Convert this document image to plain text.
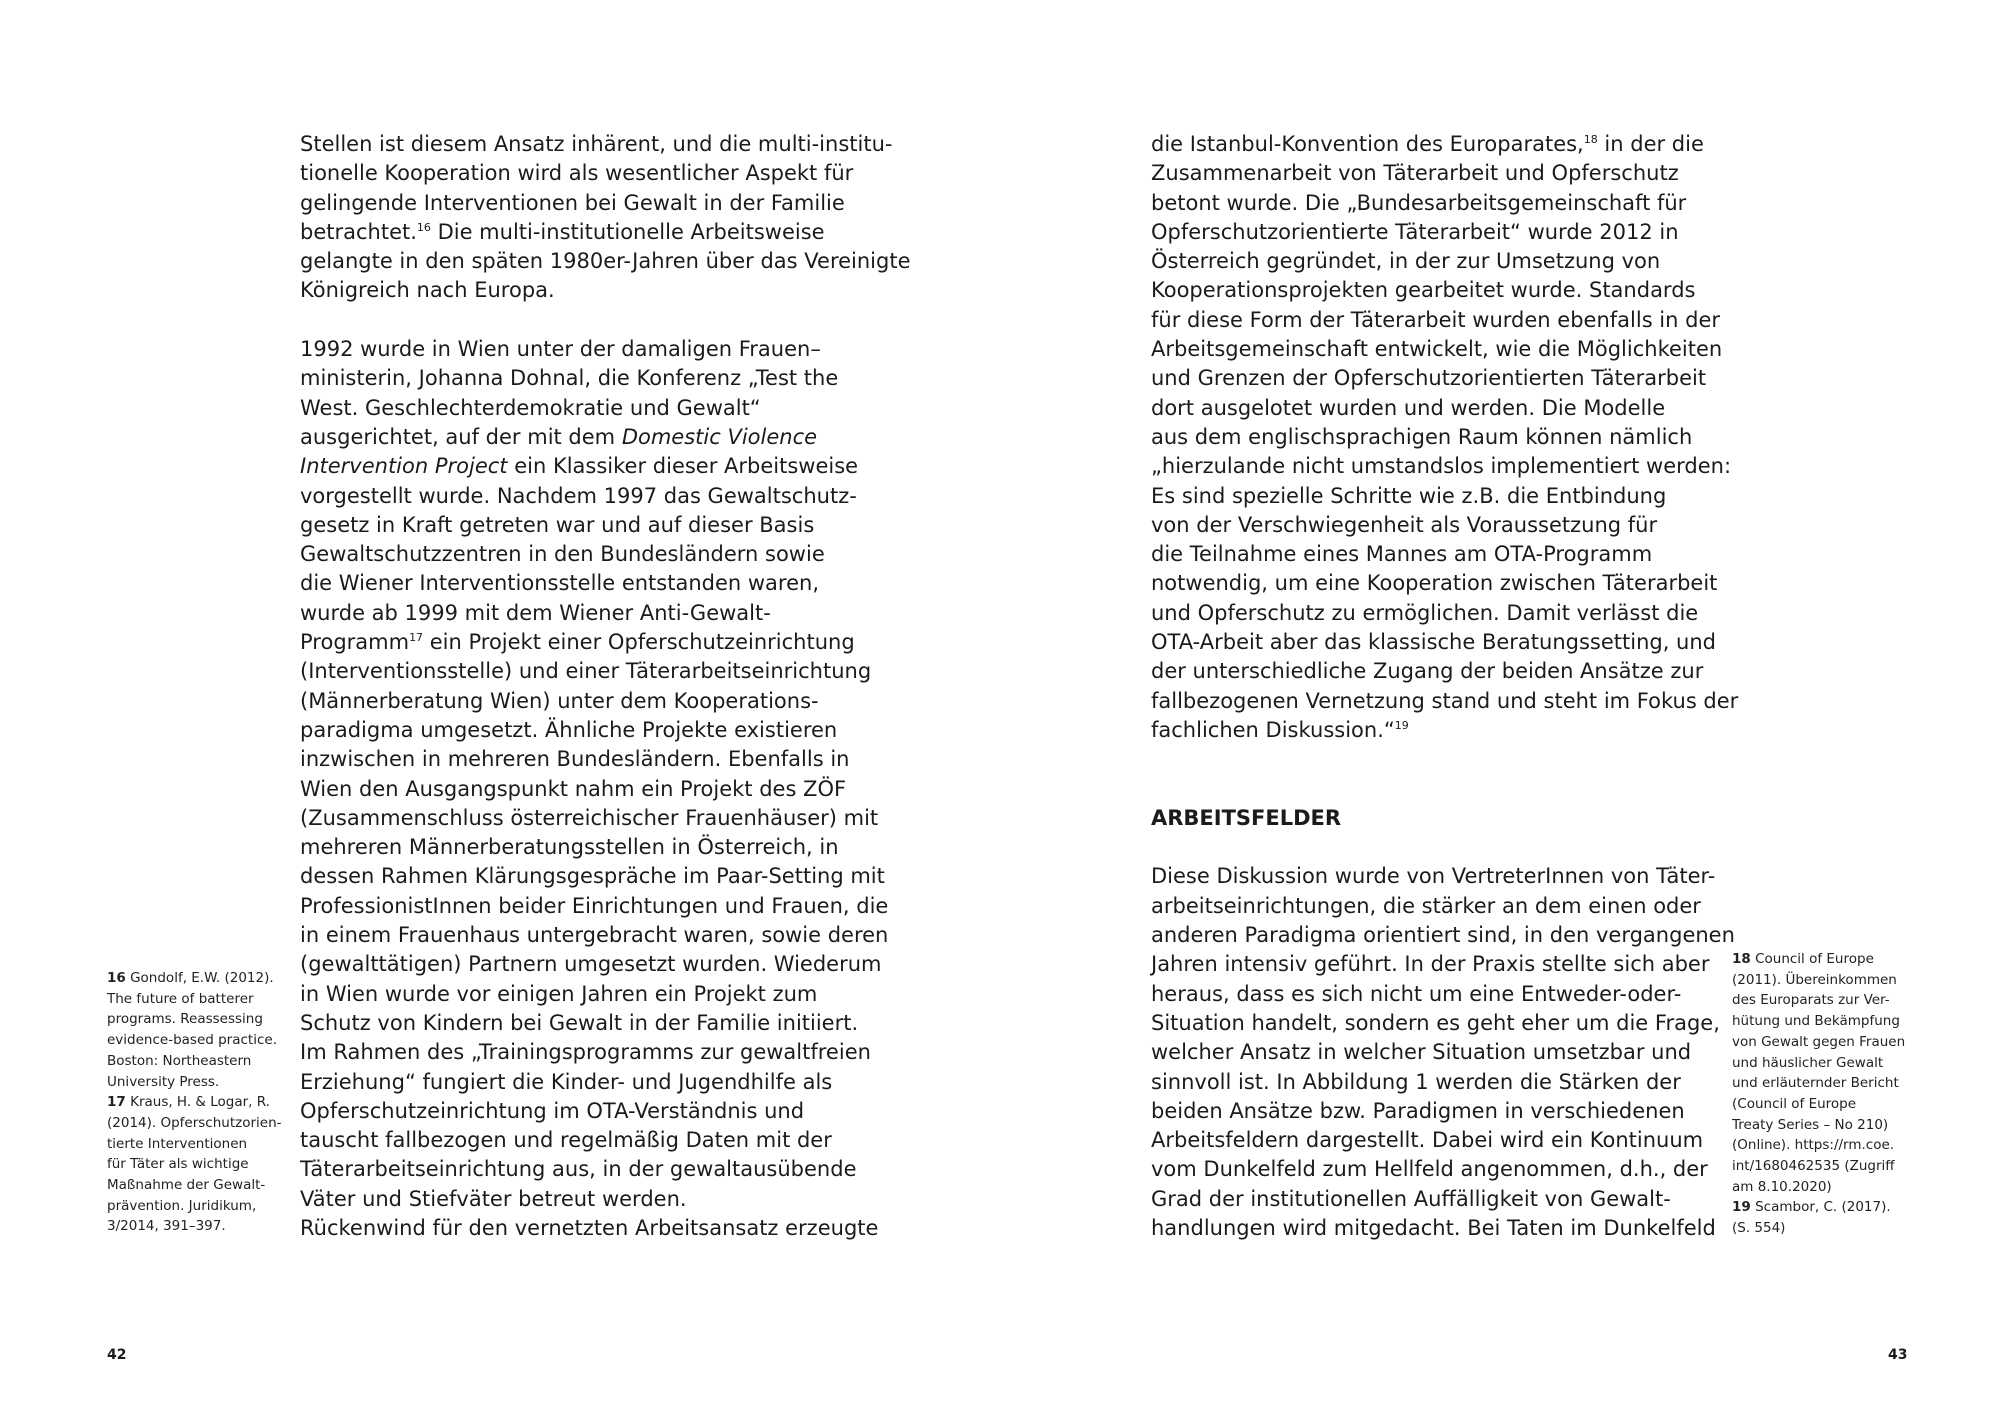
Stellen ist diesem Ansatz inhärent, und die multi-institu-
tionelle Kooperation wird als wesentlicher Aspekt für
gelingende Interventionen bei Gewalt in der Familie
betrachtet.$^{16}$ Die multi-institutionelle Arbeitsweise
gelangte in den späten 1980er-Jahren über das Vereinigte
Königreich nach Europa.
1992 wurde in Wien unter der damaligen Frauen–
ministerin, Johanna Dohnal, die Konferenz „Test the
West. Geschlechterdemokratie und Gewalt“
ausgerichtet, auf der mit dem Domestic Violence
Intervention Project ein Klassiker dieser Arbeitsweise
vorgestellt wurde. Nachdem 1997 das Gewaltschutz-
gesetz in Kraft getreten war und auf dieser Basis
Gewaltschutzzentren in den Bundesländern sowie
die Wiener Interventionsstelle entstanden waren,
wurde ab 1999 mit dem Wiener Anti-Gewalt-
Programm$^{17}$ ein Projekt einer Opferschutzeinrichtung
(Interventionsstelle) und einer Täterarbeitseinrichtung
(Männerberatung Wien) unter dem Kooperations-
paradigma umgesetzt. Ähnliche Projekte existieren
inzwischen in mehreren Bundesländern. Ebenfalls in
Wien den Ausgangspunkt nahm ein Projekt des ZÖF
(Zusammenschluss österreichischer Frauenhäuser) mit
mehreren Männerberatungsstellen in Österreich, in
dessen Rahmen Klärungsgespräche im Paar-Setting mit
ProfessionistInnen beider Einrichtungen und Frauen, die
in einem Frauenhaus untergebracht waren, sowie deren
(gewalttätigen) Partnern umgesetzt wurden. Wiederum
in Wien wurde vor einigen Jahren ein Projekt zum
Schutz von Kindern bei Gewalt in der Familie initiiert.
Im Rahmen des „Trainingsprogramms zur gewaltfreien
Erziehung“ fungiert die Kinder- und Jugendhilfe als
Opferschutzeinrichtung im OTA-Verständnis und
tauscht fallbezogen und regelmäßig Daten mit der
Täterarbeitseinrichtung aus, in der gewaltausübende
Väter und Stiefväter betreut werden.
Rückenwind für den vernetzten Arbeitsansatz erzeugte
16 Gondolf, E.W. (2012).
The future of batterer
programs. Reassessing
evidence-based practice.
Boston: Northeastern
University Press.
17 Kraus, H. & Logar, R.
(2014). Opferschutzorien-
tierte Interventionen
für Täter als wichtige
Maßnahme der Gewalt-
prävention. Juridikum,
3/2014, 391–397.
42
die Istanbul-Konvention des Europarates,$^{18}$ in der die
Zusammenarbeit von Täterarbeit und Opferschutz
betont wurde. Die „Bundesarbeitsgemeinschaft für
Opferschutzorientierte Täterarbeit“ wurde 2012 in
Österreich gegründet, in der zur Umsetzung von
Kooperationsprojekten gearbeitet wurde. Standards
für diese Form der Täterarbeit wurden ebenfalls in der
Arbeitsgemeinschaft entwickelt, wie die Möglichkeiten
und Grenzen der Opferschutzorientierten Täterarbeit
dort ausgelotet wurden und werden. Die Modelle
aus dem englischsprachigen Raum können nämlich
„hierzulande nicht umstandslos implementiert werden:
Es sind spezielle Schritte wie z.B. die Entbindung
von der Verschwiegenheit als Voraussetzung für
die Teilnahme eines Mannes am OTA-Programm
notwendig, um eine Kooperation zwischen Täterarbeit
und Opferschutz zu ermöglichen. Damit verlässt die
OTA-Arbeit aber das klassische Beratungssetting, und
der unterschiedliche Zugang der beiden Ansätze zur
fallbezogenen Vernetzung stand und steht im Fokus der
fachlichen Diskussion.“$^{19}$
ARBEITSFELDER
Diese Diskussion wurde von VertreterInnen von Täter-
arbeitseinrichtungen, die stärker an dem einen oder
anderen Paradigma orientiert sind, in den vergangenen
Jahren intensiv geführt. In der Praxis stellte sich aber
heraus, dass es sich nicht um eine Entweder-oder-
Situation handelt, sondern es geht eher um die Frage,
welcher Ansatz in welcher Situation umsetzbar und
sinnvoll ist. In Abbildung 1 werden die Stärken der
beiden Ansätze bzw. Paradigmen in verschiedenen
Arbeitsfeldern dargestellt. Dabei wird ein Kontinuum
vom Dunkelfeld zum Hellfeld angenommen, d.h., der
Grad der institutionellen Auffälligkeit von Gewalt-
handlungen wird mitgedacht. Bei Taten im Dunkelfeld
18 Council of Europe
(2011). Übereinkommen
des Europarats zur Ver-
hütung und Bekämpfung
von Gewalt gegen Frauen
und häuslicher Gewalt
und erläuternder Bericht
(Council of Europe
Treaty Series – No 210)
(Online). https://rm.coe.
int/1680462535 (Zugriff
am 8.10.2020)
19 Scambor, C. (2017).
(S. 554)
43
